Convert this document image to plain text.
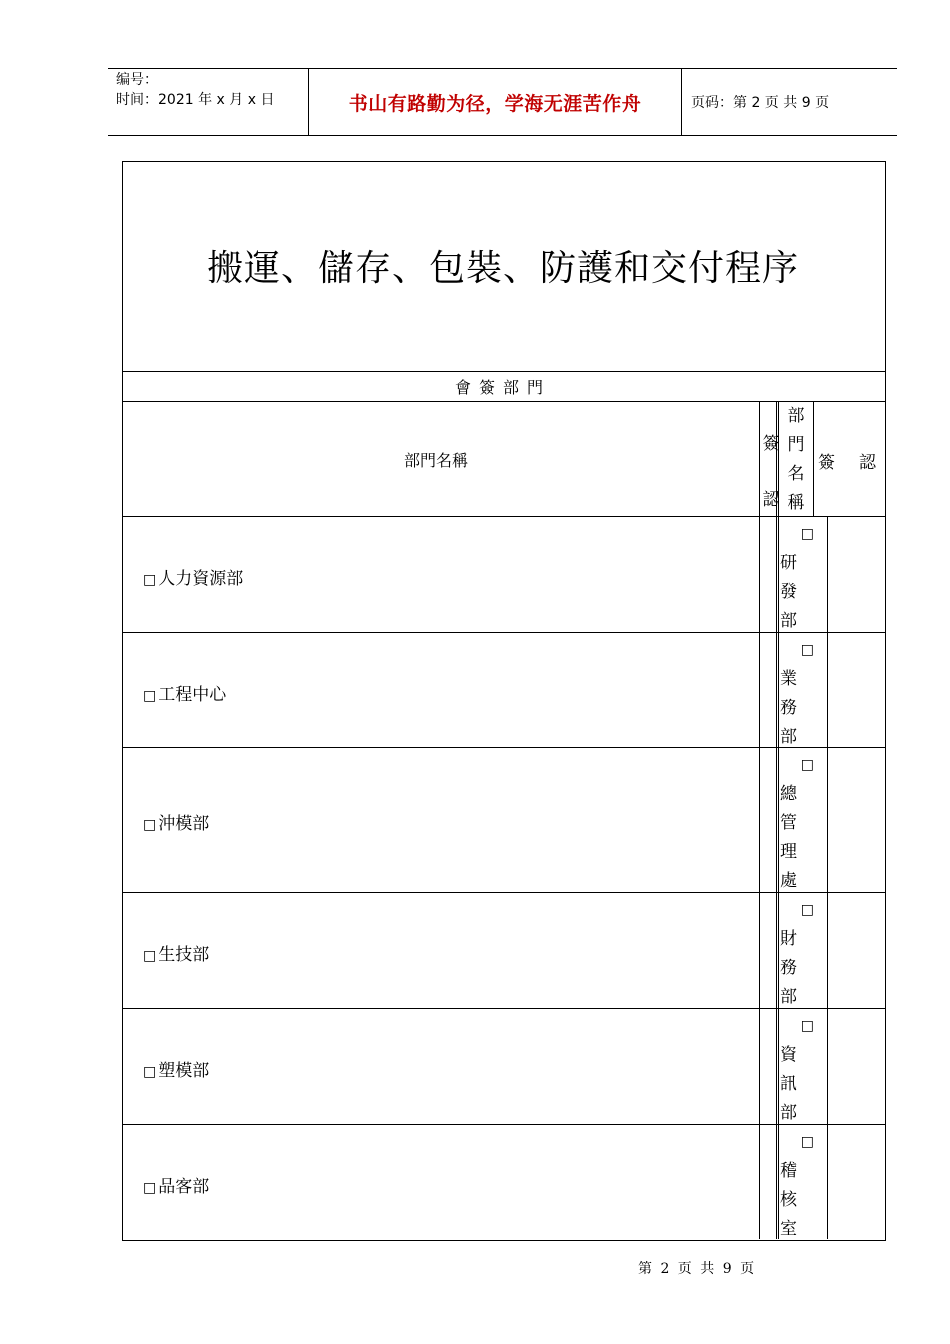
编号：
时间：2021 年 x 月 x 日	书山有路勤为径，学海无涯苦作舟	页码：第 2 页 共 9 页
搬運、儲存、包裝、防護和交付程序
會簽部門
部門名稱
簽
認
部
門
名
稱
簽認
□ 人力資源部
□ 工程中心
□ 沖模部
□ 生技部
□ 塑模部
□ 品客部
□
研發部
□
業務部
□
總管理處
□
財務部
□
資訊部
□
稽核室
第 2 页 共 9 页
